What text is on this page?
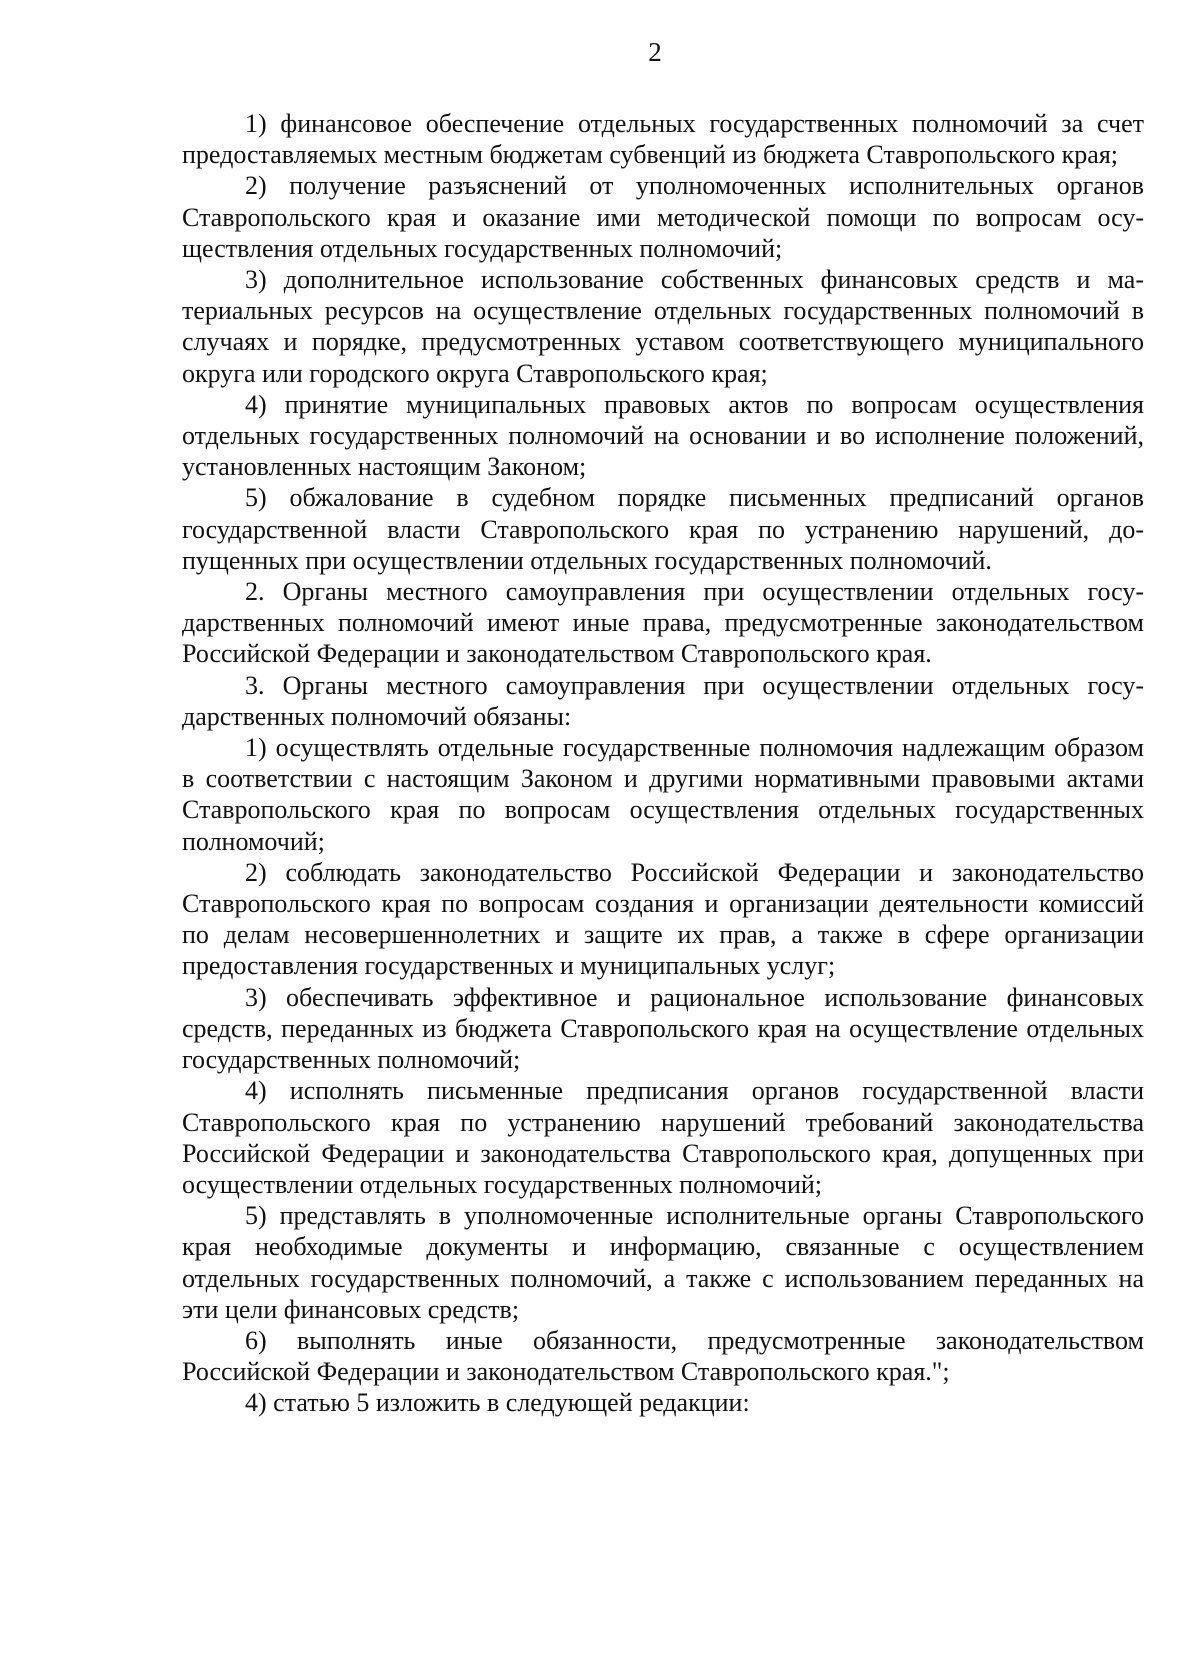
2

1) финансовое обеспечение отдельных государственных полномочий за счет предоставляемых местным бюджетам субвенций из бюджета Ставропольского края;

2) получение разъяснений от уполномоченных исполнительных органов Ставропольского края и оказание ими методической помощи по вопросам осуществления отдельных государственных полномочий;

3) дополнительное использование собственных финансовых средств и материальных ресурсов на осуществление отдельных государственных полномочий в случаях и порядке, предусмотренных уставом соответствующего муниципального округа или городского округа Ставропольского края;

4) принятие муниципальных правовых актов по вопросам осуществления отдельных государственных полномочий на основании и во исполнение положений, установленных настоящим Законом;

5) обжалование в судебном порядке письменных предписаний органов государственной власти Ставропольского края по устранению нарушений, допущенных при осуществлении отдельных государственных полномочий.

2. Органы местного самоуправления при осуществлении отдельных государственных полномочий имеют иные права, предусмотренные законодательством Российской Федерации и законодательством Ставропольского края.

3. Органы местного самоуправления при осуществлении отдельных государственных полномочий обязаны:

1) осуществлять отдельные государственные полномочия надлежащим образом в соответствии с настоящим Законом и другими нормативными правовыми актами Ставропольского края по вопросам осуществления отдельных государственных полномочий;

2) соблюдать законодательство Российской Федерации и законодательство Ставропольского края по вопросам создания и организации деятельности комиссий по делам несовершеннолетних и защите их прав, а также в сфере организации предоставления государственных и муниципальных услуг;

3) обеспечивать эффективное и рациональное использование финансовых средств, переданных из бюджета Ставропольского края на осуществление отдельных государственных полномочий;

4) исполнять письменные предписания органов государственной власти Ставропольского края по устранению нарушений требований законодательства Российской Федерации и законодательства Ставропольского края, допущенных при осуществлении отдельных государственных полномочий;

5) представлять в уполномоченные исполнительные органы Ставропольского края необходимые документы и информацию, связанные с осуществлением отдельных государственных полномочий, а также с использованием переданных на эти цели финансовых средств;

6) выполнять иные обязанности, предусмотренные законодательством Российской Федерации и законодательством Ставропольского края.";

4) статью 5 изложить в следующей редакции:
